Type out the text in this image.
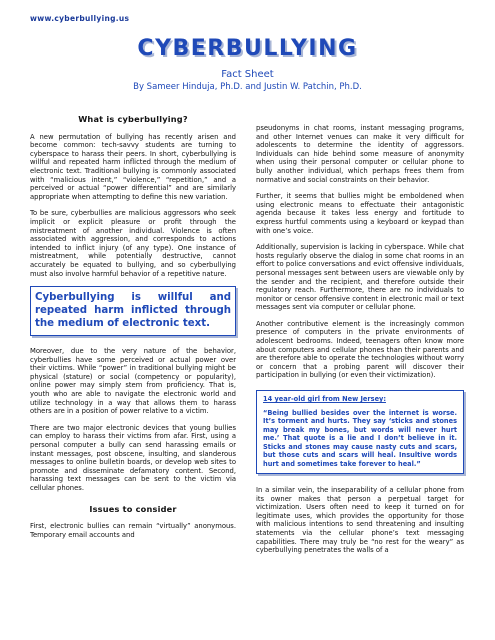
www.cyberbullying.us
CYBERBULLYING
Fact Sheet
By Sameer Hinduja, Ph.D. and Justin W. Patchin, Ph.D.
What is cyberbullying?

A new permutation of bullying has recently arisen and become common: tech-savvy students are turning to cyberspace to harass their peers. In short, cyberbullying is willful and repeated harm inflicted through the medium of electronic text. Traditional bullying is commonly associated with “malicious intent,” “violence,” “repetition,” and a perceived or actual “power differential” and are similarly appropriate when attempting to define this new variation.

To be sure, cyberbullies are malicious aggressors who seek implicit or explicit pleasure or profit through the mistreatment of another individual. Violence is often associated with aggression, and corresponds to actions intended to inflict injury (of any type). One instance of mistreatment, while potentially destructive, cannot accurately be equated to bullying, and so cyberbullying must also involve harmful behavior of a repetitive nature.

Cyberbullying is willful and repeated harm inflicted through the medium of electronic text.

Moreover, due to the very nature of the behavior, cyberbullies have some perceived or actual power over their victims. While “power” in traditional bullying might be physical (stature) or social (competency or popularity), online power may simply stem from proficiency. That is, youth who are able to navigate the electronic world and utilize technology in a way that allows them to harass others are in a position of power relative to a victim.

There are two major electronic devices that young bullies can employ to harass their victims from afar. First, using a personal computer a bully can send harassing emails or instant messages, post obscene, insulting, and slanderous messages to online bulletin boards, or develop web sites to promote and disseminate defamatory content. Second, harassing text messages can be sent to the victim via cellular phones.

Issues to consider

First, electronic bullies can remain “virtually” anonymous. Temporary email accounts and

pseudonyms in chat rooms, instant messaging programs, and other Internet venues can make it very difficult for adolescents to determine the identity of aggressors. Individuals can hide behind some measure of anonymity when using their personal computer or cellular phone to bully another individual, which perhaps frees them from normative and social constraints on their behavior.

Further, it seems that bullies might be emboldened when using electronic means to effectuate their antagonistic agenda because it takes less energy and fortitude to express hurtful comments using a keyboard or keypad than with one’s voice.

Additionally, supervision is lacking in cyberspace. While chat hosts regularly observe the dialog in some chat rooms in an effort to police conversations and evict offensive individuals, personal messages sent between users are viewable only by the sender and the recipient, and therefore outside their regulatory reach. Furthermore, there are no individuals to monitor or censor offensive content in electronic mail or text messages sent via computer or cellular phone.

Another contributive element is the increasingly common presence of computers in the private environments of adolescent bedrooms. Indeed, teenagers often know more about computers and cellular phones than their parents and are therefore able to operate the technologies without worry or concern that a probing parent will discover their participation in bullying (or even their victimization).

14 year-old girl from New Jersey:
“Being bullied besides over the internet is worse. It’s torment and hurts. They say ‘sticks and stones may break my bones, but words will never hurt me.’ That quote is a lie and I don’t believe in it. Sticks and stones may cause nasty cuts and scars, but those cuts and scars will heal. Insultive words hurt and sometimes take forever to heal.”

In a similar vein, the inseparability of a cellular phone from its owner makes that person a perpetual target for victimization. Users often need to keep it turned on for legitimate uses, which provides the opportunity for those with malicious intentions to send threatening and insulting statements via the cellular phone’s text messaging capabilities. There may truly be “no rest for the weary” as cyberbullying penetrates the walls of a
